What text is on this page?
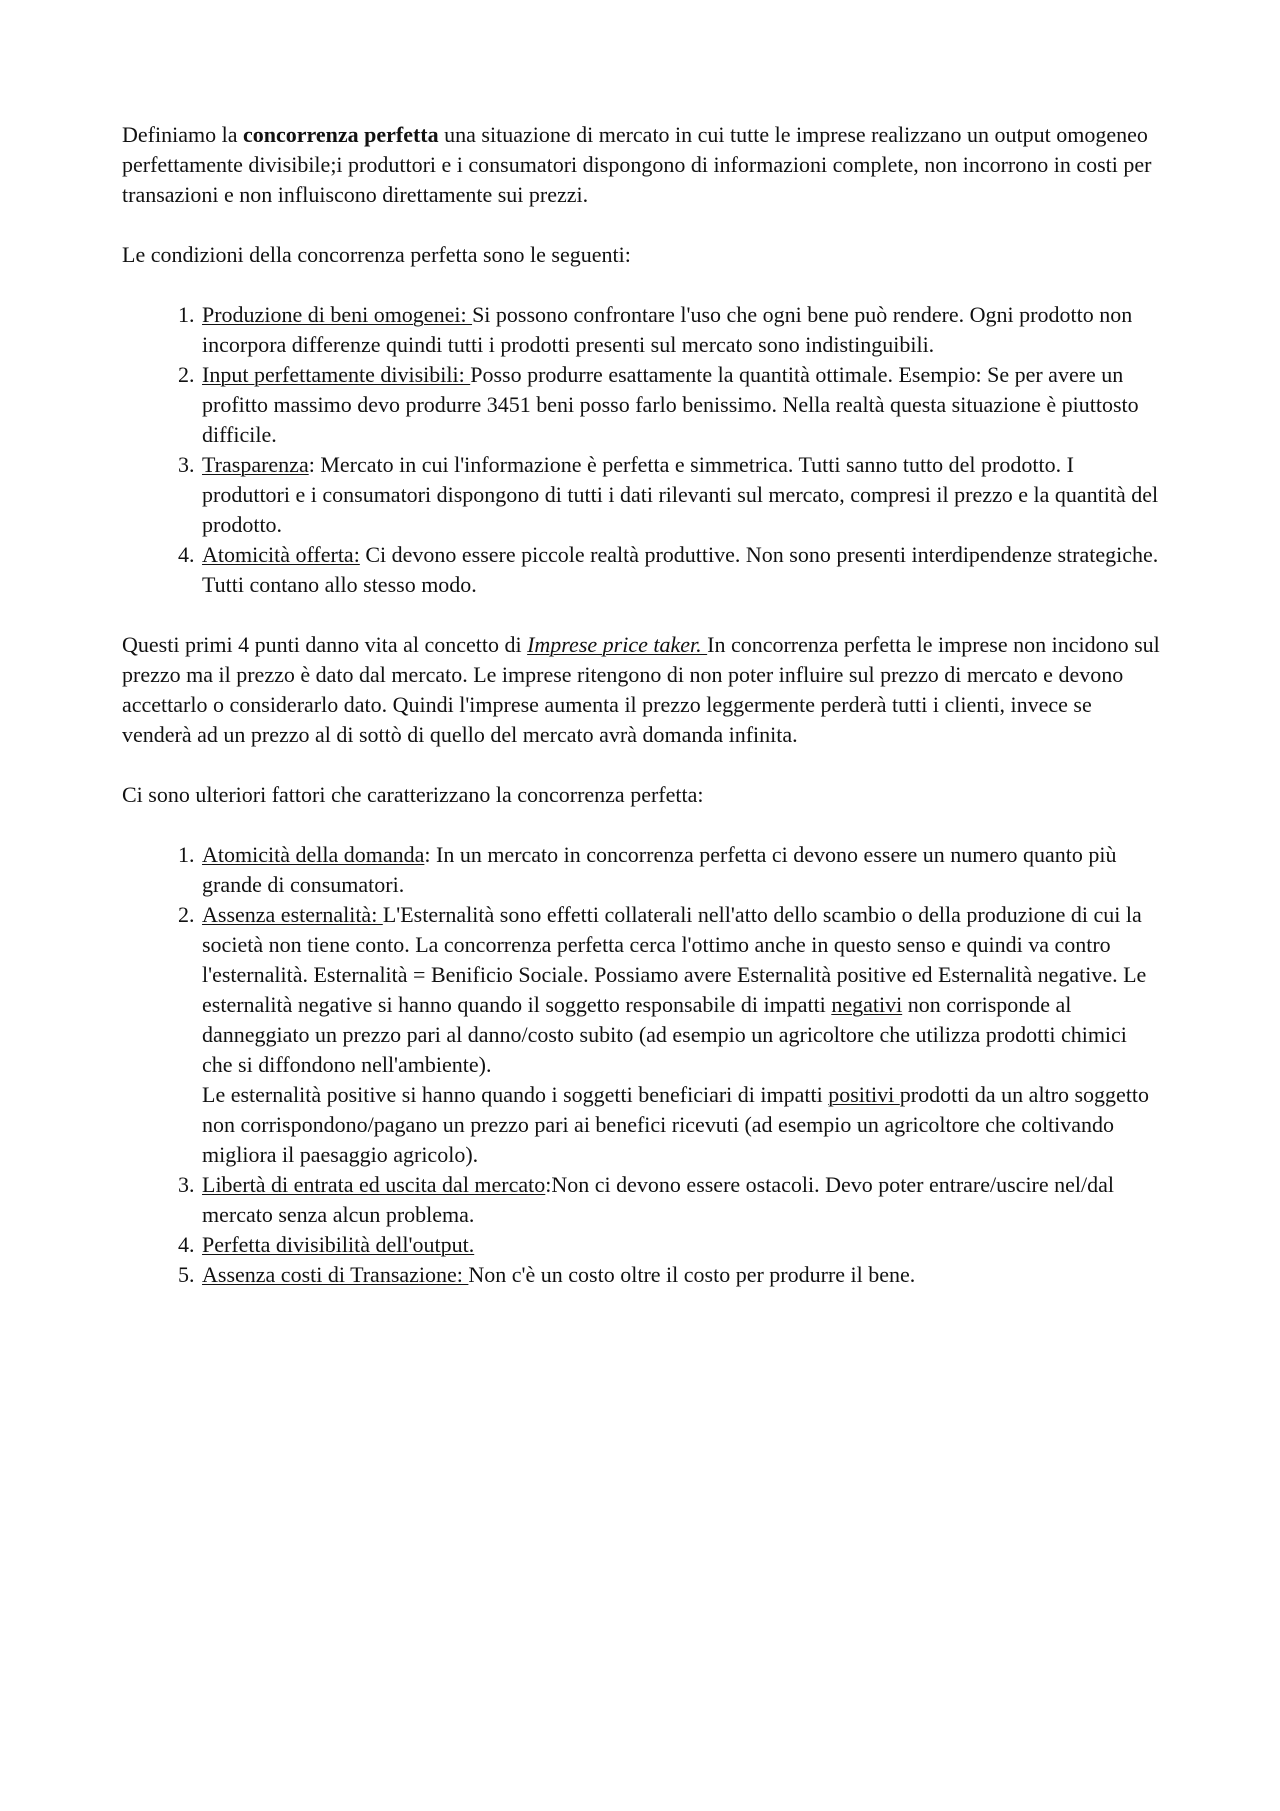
Definiamo la concorrenza perfetta una situazione di mercato in cui tutte le imprese realizzano un output omogeneo perfettamente divisibile;i produttori e i consumatori dispongono di informazioni complete, non incorrono in costi per transazioni e non influiscono direttamente sui prezzi.

Le condizioni della concorrenza perfetta sono le seguenti:

1. Produzione di beni omogenei: Si possono confrontare l'uso che ogni bene può rendere. Ogni prodotto non incorpora differenze quindi tutti i prodotti presenti sul mercato sono indistinguibili.
2. Input perfettamente divisibili: Posso produrre esattamente la quantità ottimale. Esempio: Se per avere un profitto massimo devo produrre 3451 beni posso farlo benissimo. Nella realtà questa situazione è piuttosto difficile.
3. Trasparenza: Mercato in cui l'informazione è perfetta e simmetrica. Tutti sanno tutto del prodotto. I produttori e i consumatori dispongono di tutti i dati rilevanti sul mercato, compresi il prezzo e la quantità del prodotto.
4. Atomicità offerta: Ci devono essere piccole realtà produttive. Non sono presenti interdipendenze strategiche. Tutti contano allo stesso modo.

Questi primi 4 punti danno vita al concetto di Imprese price taker. In concorrenza perfetta le imprese non incidono sul prezzo ma il prezzo è dato dal mercato. Le imprese ritengono di non poter influire sul prezzo di mercato e devono accettarlo o considerarlo dato. Quindi l'imprese aumenta il prezzo leggermente perderà tutti i clienti, invece se venderà ad un prezzo al di sottò di quello del mercato avrà domanda infinita.

Ci sono ulteriori fattori che caratterizzano la concorrenza perfetta:

1. Atomicità della domanda: In un mercato in concorrenza perfetta ci devono essere un numero quanto più grande di consumatori.
2. Assenza esternalità: L'Esternalità sono effetti collaterali nell'atto dello scambio o della produzione di cui la società non tiene conto. La concorrenza perfetta cerca l'ottimo anche in questo senso e quindi va contro l'esternalità. Esternalità = Benificio Sociale. Possiamo avere Esternalità positive ed Esternalità negative. Le esternalità negative si hanno quando il soggetto responsabile di impatti negativi non corrisponde al danneggiato un prezzo pari al danno/costo subito (ad esempio un agricoltore che utilizza prodotti chimici che si diffondono nell'ambiente).
Le esternalità positive si hanno quando i soggetti beneficiari di impatti positivi prodotti da un altro soggetto non corrispondono/pagano un prezzo pari ai benefici ricevuti (ad esempio un agricoltore che coltivando migliora il paesaggio agricolo).
3. Libertà di entrata ed uscita dal mercato:Non ci devono essere ostacoli. Devo poter entrare/uscire nel/dal mercato senza alcun problema.
4. Perfetta divisibilità dell'output.
5. Assenza costi di Transazione: Non c'è un costo oltre il costo per produrre il bene.
